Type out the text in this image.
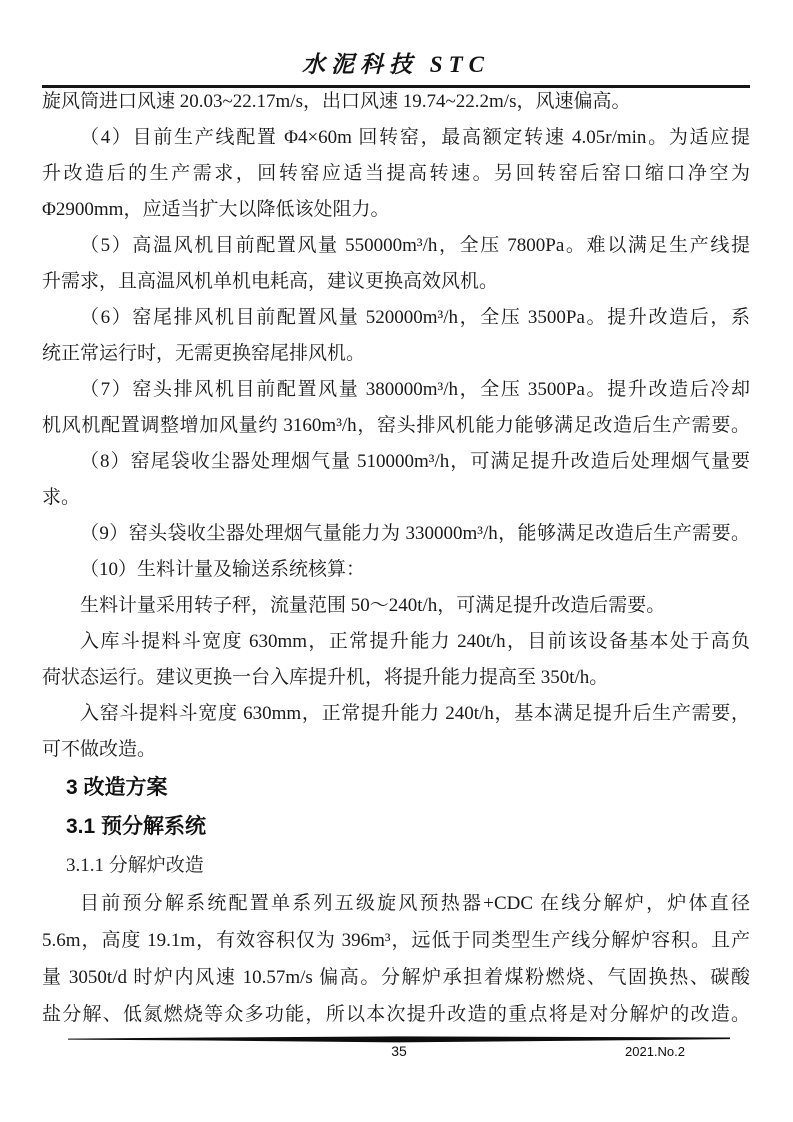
水泥科技 STC
旋风筒进口风速 20.03~22.17m/s，出口风速 19.74~22.2m/s，风速偏高。
（4）目前生产线配置 Φ4×60m 回转窑，最高额定转速 4.05r/min。为适应提
升改造后的生产需求，回转窑应适当提高转速。另回转窑后窑口缩口净空为
Φ2900mm，应适当扩大以降低该处阻力。
（5）高温风机目前配置风量 550000m³/h，全压 7800Pa。难以满足生产线提
升需求，且高温风机单机电耗高，建议更换高效风机。
（6）窑尾排风机目前配置风量 520000m³/h，全压 3500Pa。提升改造后，系
统正常运行时，无需更换窑尾排风机。
（7）窑头排风机目前配置风量 380000m³/h，全压 3500Pa。提升改造后冷却
机风机配置调整增加风量约 3160m³/h，窑头排风机能力能够满足改造后生产需要。
（8）窑尾袋收尘器处理烟气量 510000m³/h，可满足提升改造后处理烟气量要
求。
（9）窑头袋收尘器处理烟气量能力为 330000m³/h，能够满足改造后生产需要。
（10）生料计量及输送系统核算：
生料计量采用转子秤，流量范围 50～240t/h，可满足提升改造后需要。
入库斗提料斗宽度 630mm，正常提升能力 240t/h，目前该设备基本处于高负
荷状态运行。建议更换一台入库提升机，将提升能力提高至 350t/h。
入窑斗提料斗宽度 630mm，正常提升能力 240t/h，基本满足提升后生产需要，
可不做改造。
3 改造方案
3.1 预分解系统
3.1.1 分解炉改造
目前预分解系统配置单系列五级旋风预热器+CDC 在线分解炉，炉体直径
5.6m，高度 19.1m，有效容积仅为 396m³，远低于同类型生产线分解炉容积。且产
量 3050t/d 时炉内风速 10.57m/s 偏高。分解炉承担着煤粉燃烧、气固换热、碳酸
盐分解、低氮燃烧等众多功能，所以本次提升改造的重点将是对分解炉的改造。
35	2021.No.2
